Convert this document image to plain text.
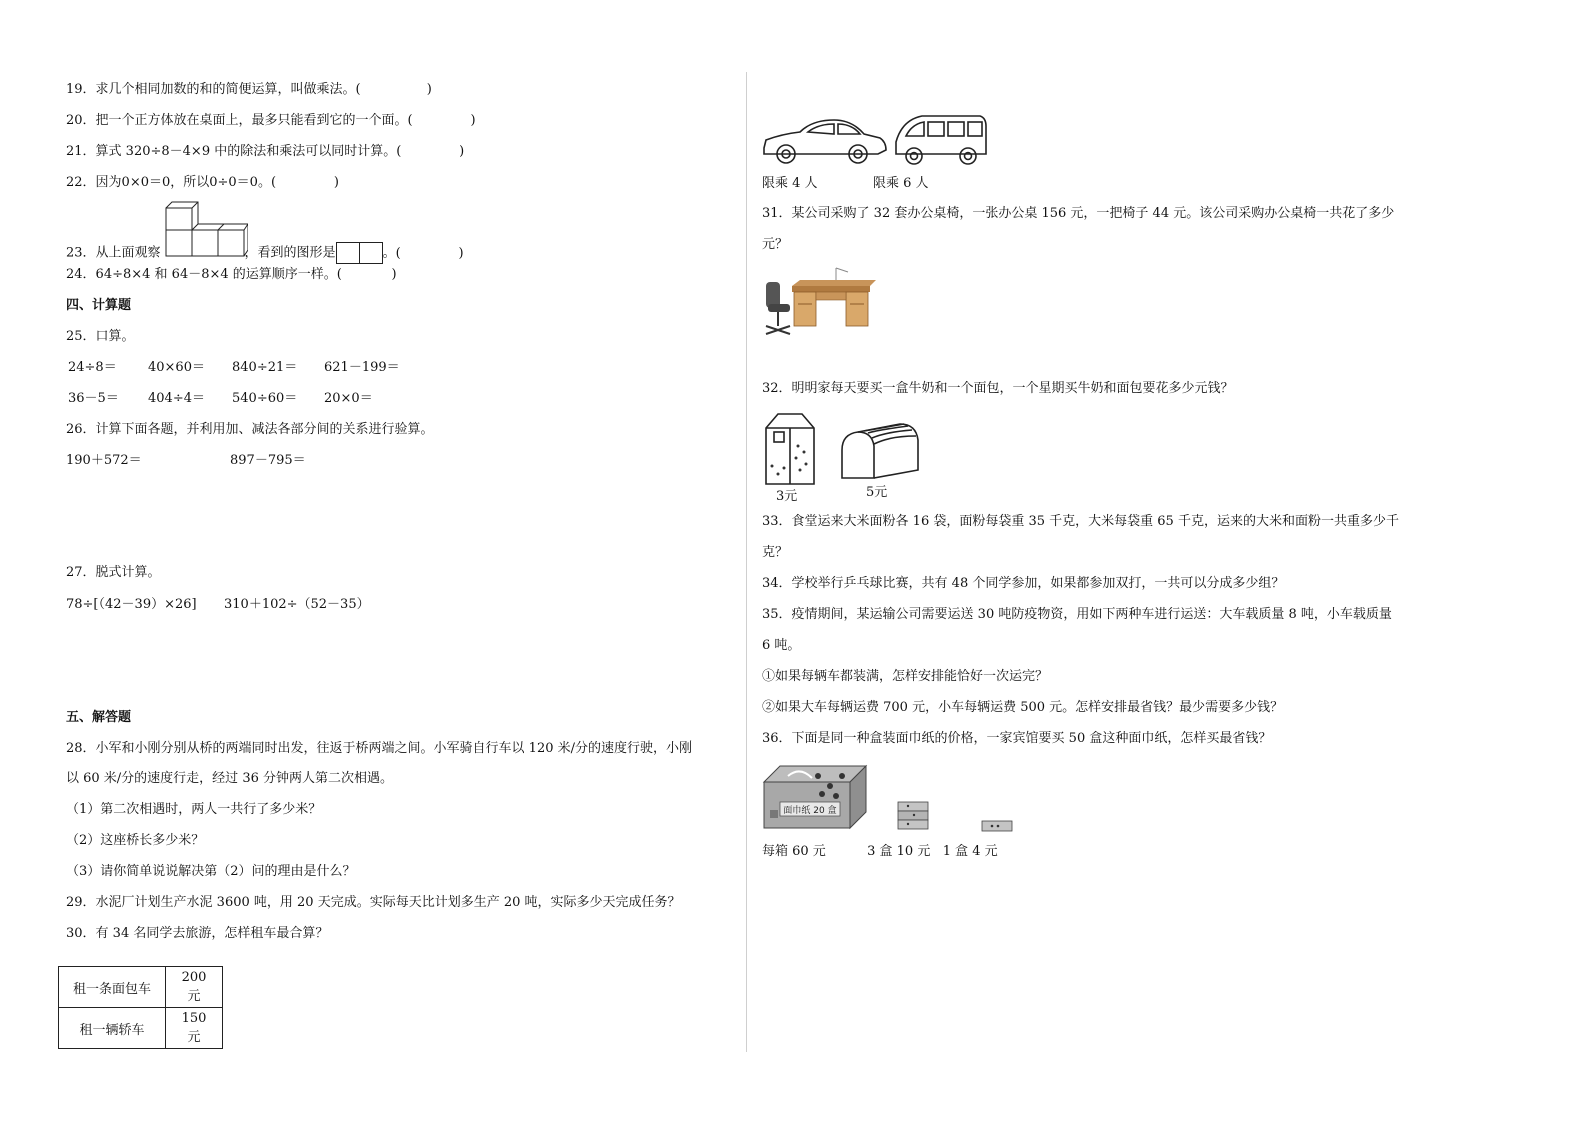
19．求几个相同加数的和的简便运算，叫做乘法。(                )
20．把一个正方体放在桌面上，最多只能看到它的一个面。(              )
21．算式 320÷8－4×9 中的除法和乘法可以同时计算。(              )
22．因为0×0＝0，所以0÷0＝0。(              )
23．从上面观察	，看到的图形是	。(              )
24．64÷8×4 和 64－8×4 的运算顺序一样。(            )
四、计算题
25．口算。
24÷8＝ 40×60＝ 840÷21＝ 621－199＝
36－5＝ 404÷4＝ 540÷60＝ 20×0＝
26．计算下面各题，并利用加、减法各部分间的关系进行验算。
190＋572＝	897－795＝
27．脱式计算。
78÷[（42－39）×26] 310＋102÷（52－35）
五、解答题
28．小军和小刚分别从桥的两端同时出发，往返于桥两端之间。小军骑自行车以 120 米/分的速度行驶，小刚
以 60 米/分的速度行走，经过 36 分钟两人第二次相遇。
（1）第二次相遇时，两人一共行了多少米？
（2）这座桥长多少米？
（3）请你简单说说解决第（2）问的理由是什么？
29．水泥厂计划生产水泥 3600 吨，用 20 天完成。实际每天比计划多生产 20 吨，实际多少天完成任务？
30．有 34 名同学去旅游，怎样租车最合算？
租一条面包车	200 元
租一辆轿车	150 元
限乘 4 人	限乘 6 人
31．某公司采购了 32 套办公桌椅，一张办公桌 156 元，一把椅子 44 元。该公司采购办公桌椅一共花了多少
元？
32．明明家每天要买一盒牛奶和一个面包，一个星期买牛奶和面包要花多少元钱？
3元	5元
33．食堂运来大米面粉各 16 袋，面粉每袋重 35 千克，大米每袋重 65 千克，运来的大米和面粉一共重多少千
克？
34．学校举行乒乓球比赛，共有 48 个同学参加，如果都参加双打，一共可以分成多少组？
35．疫情期间，某运输公司需要运送 30 吨防疫物资，用如下两种车进行运送：大车载质量 8 吨，小车载质量
6 吨。
①如果每辆车都装满，怎样安排能恰好一次运完？
②如果大车每辆运费 700 元，小车每辆运费 500 元。怎样安排最省钱？最少需要多少钱？
36．下面是同一种盒装面巾纸的价格，一家宾馆要买 50 盒这种面巾纸，怎样买最省钱？
面巾纸 20 盒
每箱 60 元          3 盒 10 元   1 盒 4 元
